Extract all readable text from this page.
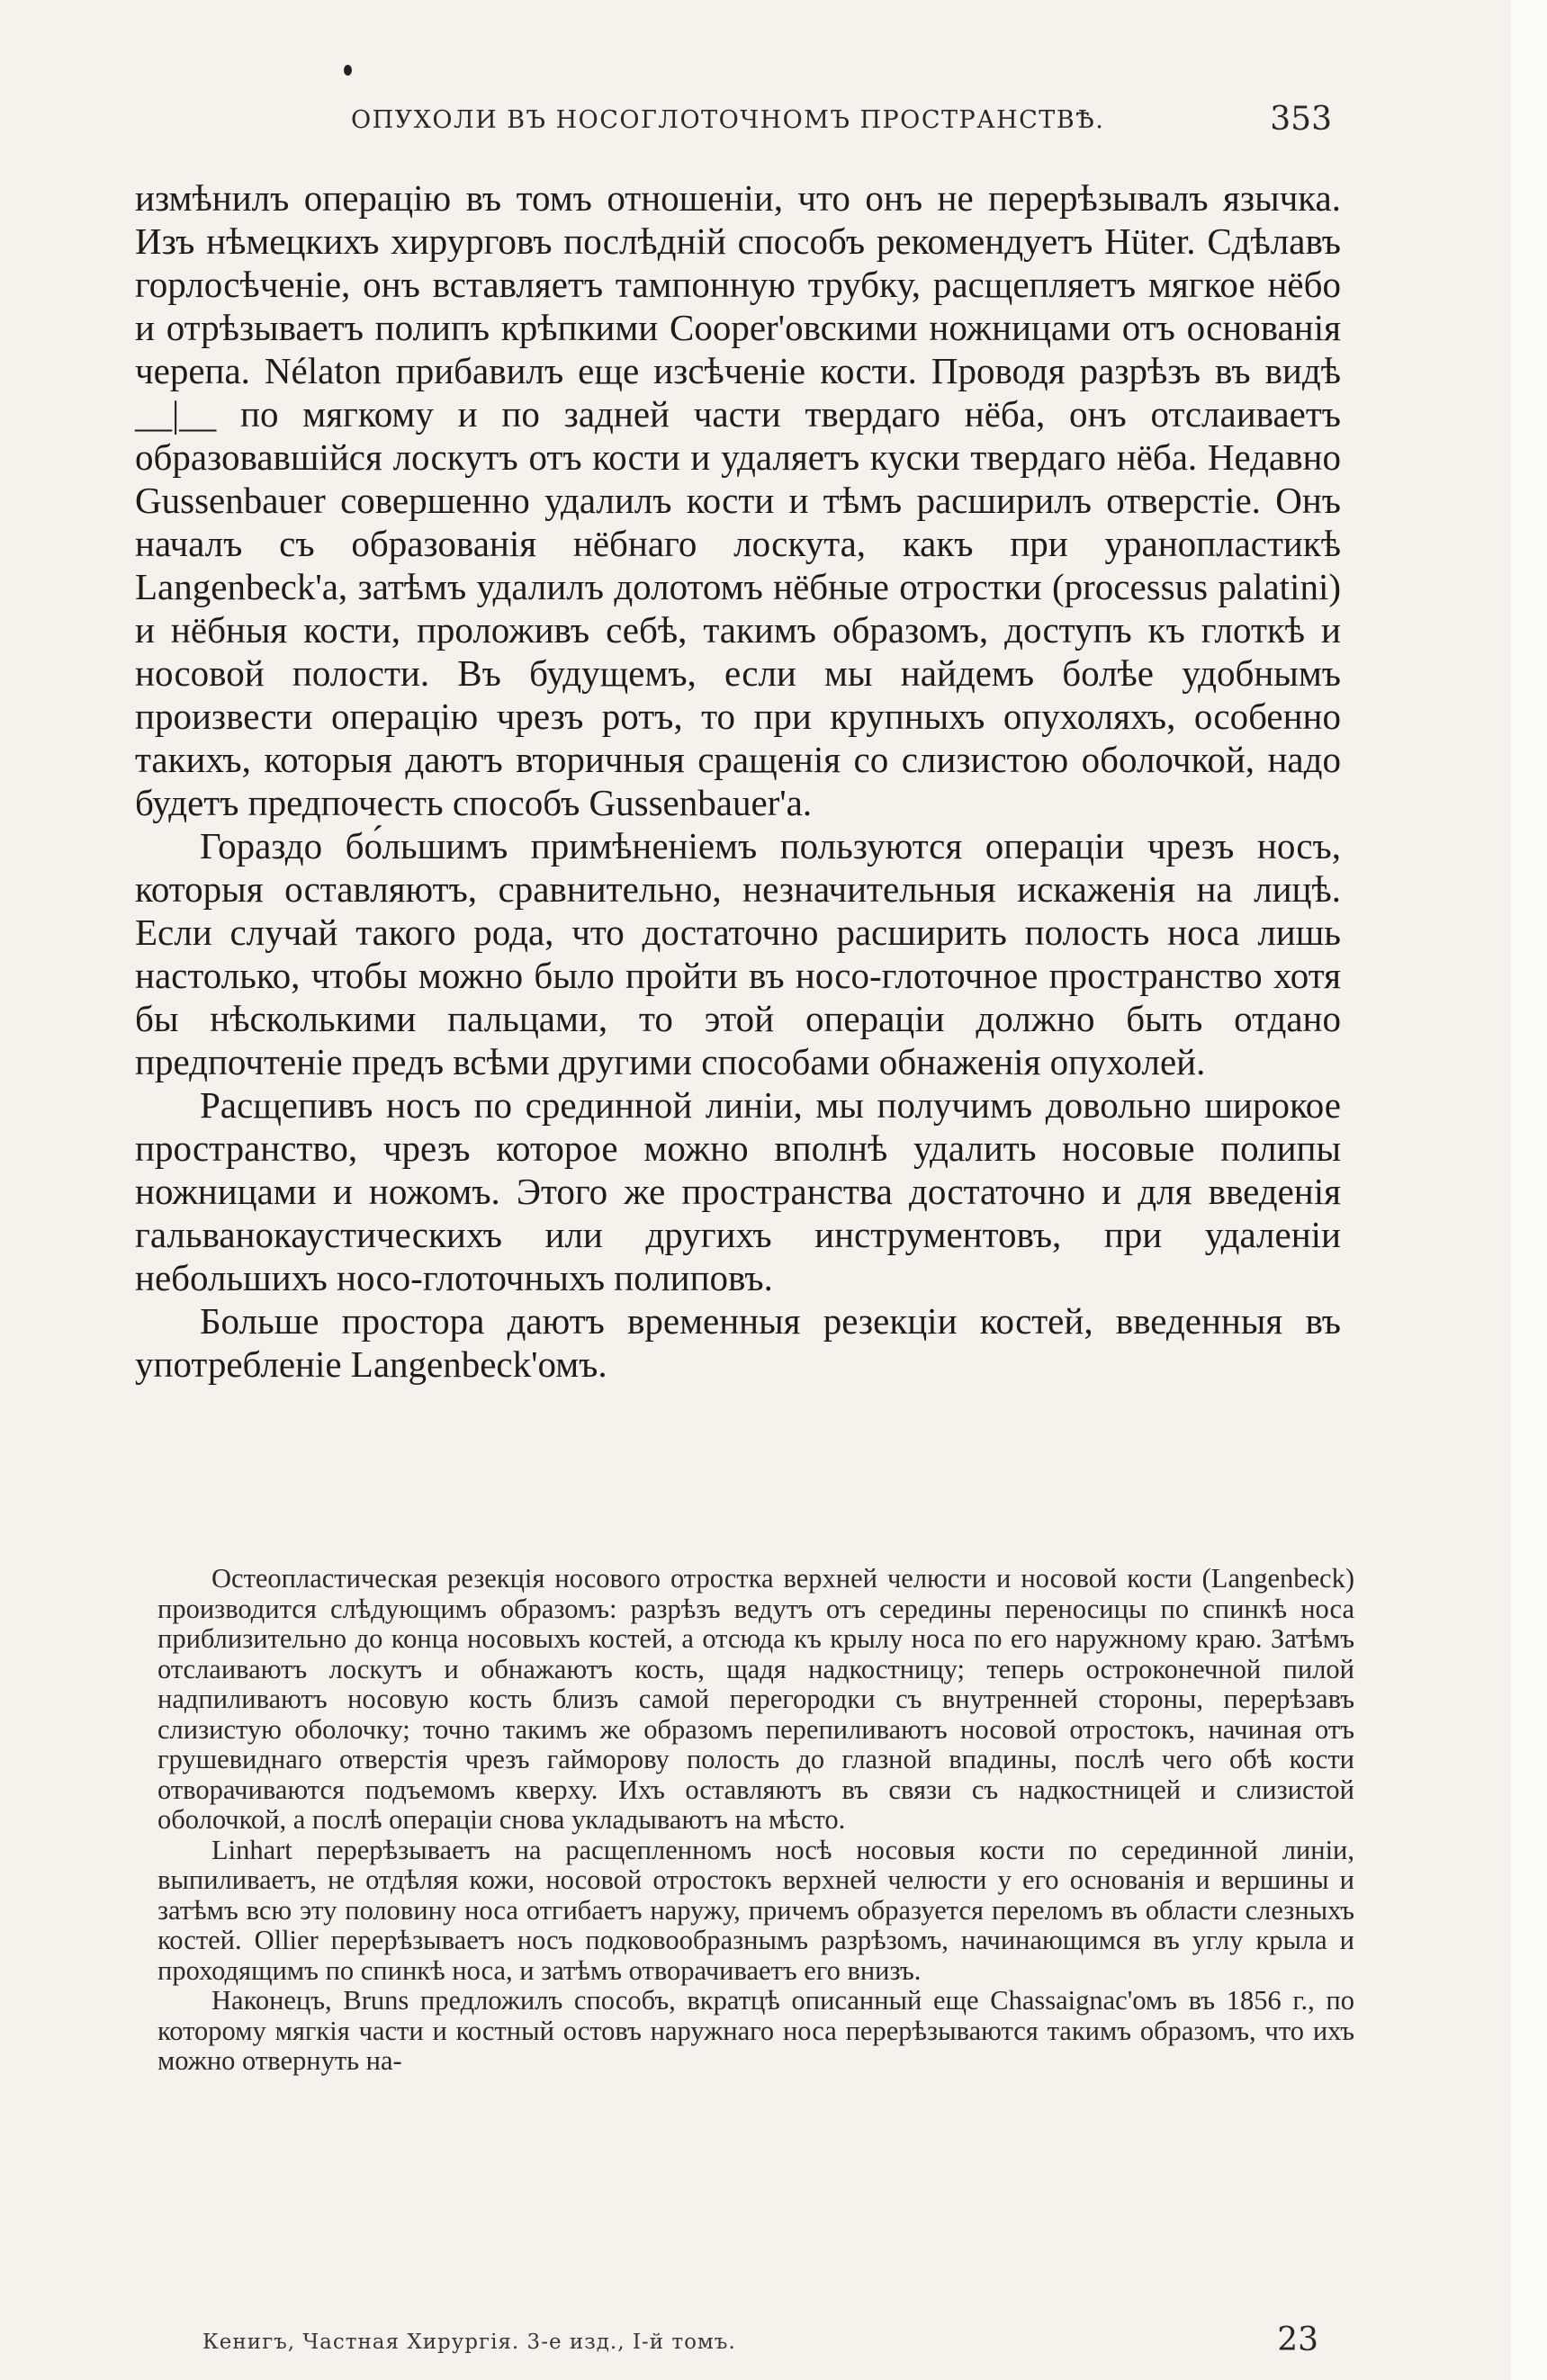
ОПУХОЛИ ВЪ НОСОГЛОТОЧНОМЪ ПРОСТРАНСТВѢ.	353

измѣнилъ операцію въ томъ отношеніи, что онъ не перерѣзывалъ язычка. Изъ нѣмецкихъ хирурговъ послѣдній способъ рекомендуетъ Hüter. Сдѣлавъ горлосѣченіе, онъ вставляетъ тампонную трубку, расщепляетъ мягкое нёбо и отрѣзываетъ полипъ крѣпкими Cooper'овскими ножницами отъ основанія черепа. Nélaton прибавилъ еще изсѣченіе кости. Проводя разрѣзъ въ видѣ __|__ по мягкому и по задней части твердаго нёба, онъ отслаиваетъ образовавшійся лоскутъ отъ кости и удаляетъ куски твердаго нёба. Недавно Gussenbauer совершенно удалилъ кости и тѣмъ расширилъ отверстіе. Онъ началъ съ образованія нёбнаго лоскута, какъ при уранопластикѣ Langenbeck'а, затѣмъ удалилъ долотомъ нёбные отростки (processus palatini) и нёбныя кости, проложивъ себѣ, такимъ образомъ, доступъ къ глоткѣ и носовой полости. Въ будущемъ, если мы найдемъ болѣе удобнымъ произвести операцію чрезъ ротъ, то при крупныхъ опухоляхъ, особенно такихъ, которыя даютъ вторичныя сращенія со слизистою оболочкой, надо будетъ предпочесть способъ Gussenbauer'а.

Гораздо бо́льшимъ примѣненіемъ пользуются операціи чрезъ носъ, которыя оставляютъ, сравнительно, незначительныя искаженія на лицѣ. Если случай такого рода, что достаточно расширить полость носа лишь настолько, чтобы можно было пройти въ носо-глоточное пространство хотя бы нѣсколькими пальцами, то этой операціи должно быть отдано предпочтеніе предъ всѣми другими способами обнаженія опухолей.

Расщепивъ носъ по срединной линіи, мы получимъ довольно широкое пространство, чрезъ которое можно вполнѣ удалить носовые полипы ножницами и ножомъ. Этого же пространства достаточно и для введенія гальванокаустическихъ или другихъ инструментовъ, при удаленіи небольшихъ носо-глоточныхъ полиповъ.

Больше простора даютъ временныя резекціи костей, введенныя въ употребленіе Langenbeck'омъ.

Остеопластическая резекція носового отростка верхней челюсти и носовой кости (Langenbeck) производится слѣдующимъ образомъ: разрѣзъ ведутъ отъ середины переносицы по спинкѣ носа приблизительно до конца носовыхъ костей, а отсюда къ крылу носа по его наружному краю. Затѣмъ отслаиваютъ лоскутъ и обнажаютъ кость, щадя надкостницу; теперь остроконечной пилой надпиливаютъ носовую кость близъ самой перегородки съ внутренней стороны, перерѣзавъ слизистую оболочку; точно такимъ же образомъ перепиливаютъ носовой отростокъ, начиная отъ грушевиднаго отверстія чрезъ гайморову полость до глазной впадины, послѣ чего обѣ кости отворачиваются подъемомъ кверху. Ихъ оставляютъ въ связи съ надкостницей и слизистой оболочкой, а послѣ операціи снова укладываютъ на мѣсто.

Linhart перерѣзываетъ на расщепленномъ носѣ носовыя кости по серединной линіи, выпиливаетъ, не отдѣляя кожи, носовой отростокъ верхней челюсти у его основанія и вершины и затѣмъ всю эту половину носа отгибаетъ наружу, причемъ образуется переломъ въ области слезныхъ костей. Ollier перерѣзываетъ носъ подковообразнымъ разрѣзомъ, начинающимся въ углу крыла и проходящимъ по спинкѣ носа, и затѣмъ отворачиваетъ его внизъ.

Наконецъ, Bruns предложилъ способъ, вкратцѣ описанный еще Chassaignac'омъ въ 1856 г., по которому мягкія части и костный остовъ наружнаго носа перерѣзываются такимъ образомъ, что ихъ можно отвернуть на-

Кенигъ, Частная Хирургія. 3-е изд., I-й томъ.	23
